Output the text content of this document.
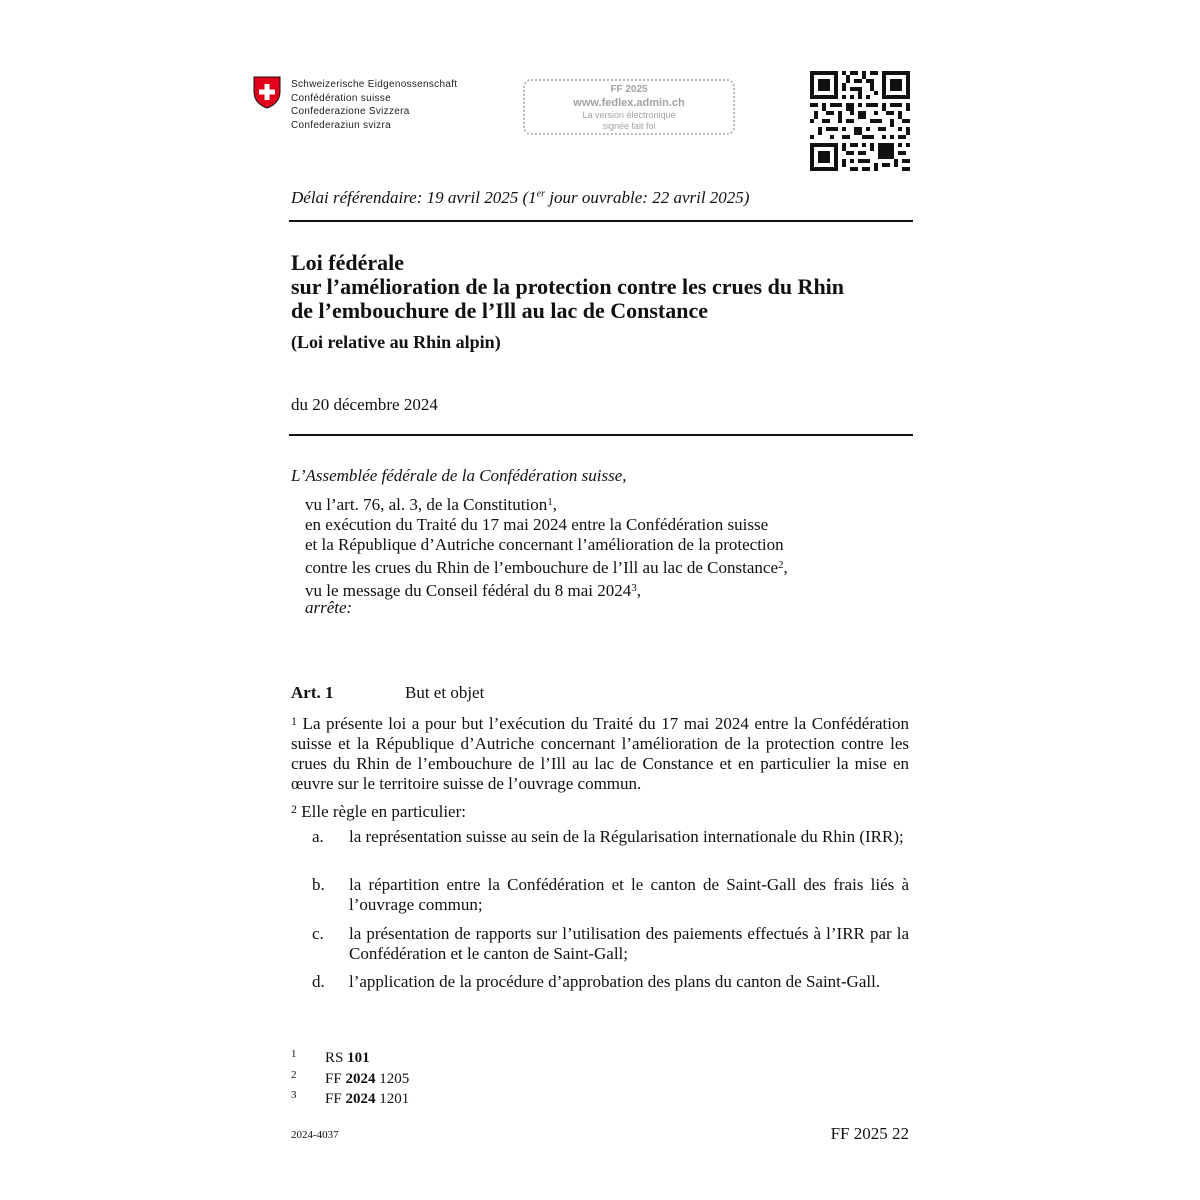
Schweizerische Eidgenossenschaft
Confédération suisse
Confederazione Svizzera
Confederaziun svizra
FF 2025
www.fedlex.admin.ch
La version électronique
signée fait foi
Délai référendaire: 19 avril 2025 (1er jour ouvrable: 22 avril 2025)
Loi fédérale
sur l’amélioration de la protection contre les crues du Rhin
de l’embouchure de l’Ill au lac de Constance
(Loi relative au Rhin alpin)
du 20 décembre 2024
L’Assemblée fédérale de la Confédération suisse,
vu l’art. 76, al. 3, de la Constitution$^1$,
en exécution du Traité du 17 mai 2024 entre la Confédération suisse
et la République d’Autriche concernant l’amélioration de la protection
contre les crues du Rhin de l’embouchure de l’Ill au lac de Constance$^2$,
vu le message du Conseil fédéral du 8 mai 2024$^3$,
arrête:
Art. 1	But et objet
$^1$ La présente loi a pour but l’exécution du Traité du 17 mai 2024 entre la Confédération suisse et la République d’Autriche concernant l’amélioration de la protection contre les crues du Rhin de l’embouchure de l’Ill au lac de Constance et en particulier la mise en œuvre sur le territoire suisse de l’ouvrage commun.
$^2$ Elle règle en particulier:
a. la représentation suisse au sein de la Régularisation internationale du Rhin (IRR);
b. la répartition entre la Confédération et le canton de Saint-Gall des frais liés à l’ouvrage commun;
c. la présentation de rapports sur l’utilisation des paiements effectués à l’IRR par la Confédération et le canton de Saint-Gall;
d. l’application de la procédure d’approbation des plans du canton de Saint-Gall.
1 RS 101
2 FF 2024 1205
3 FF 2024 1201
2024-4037	FF 2025 22
